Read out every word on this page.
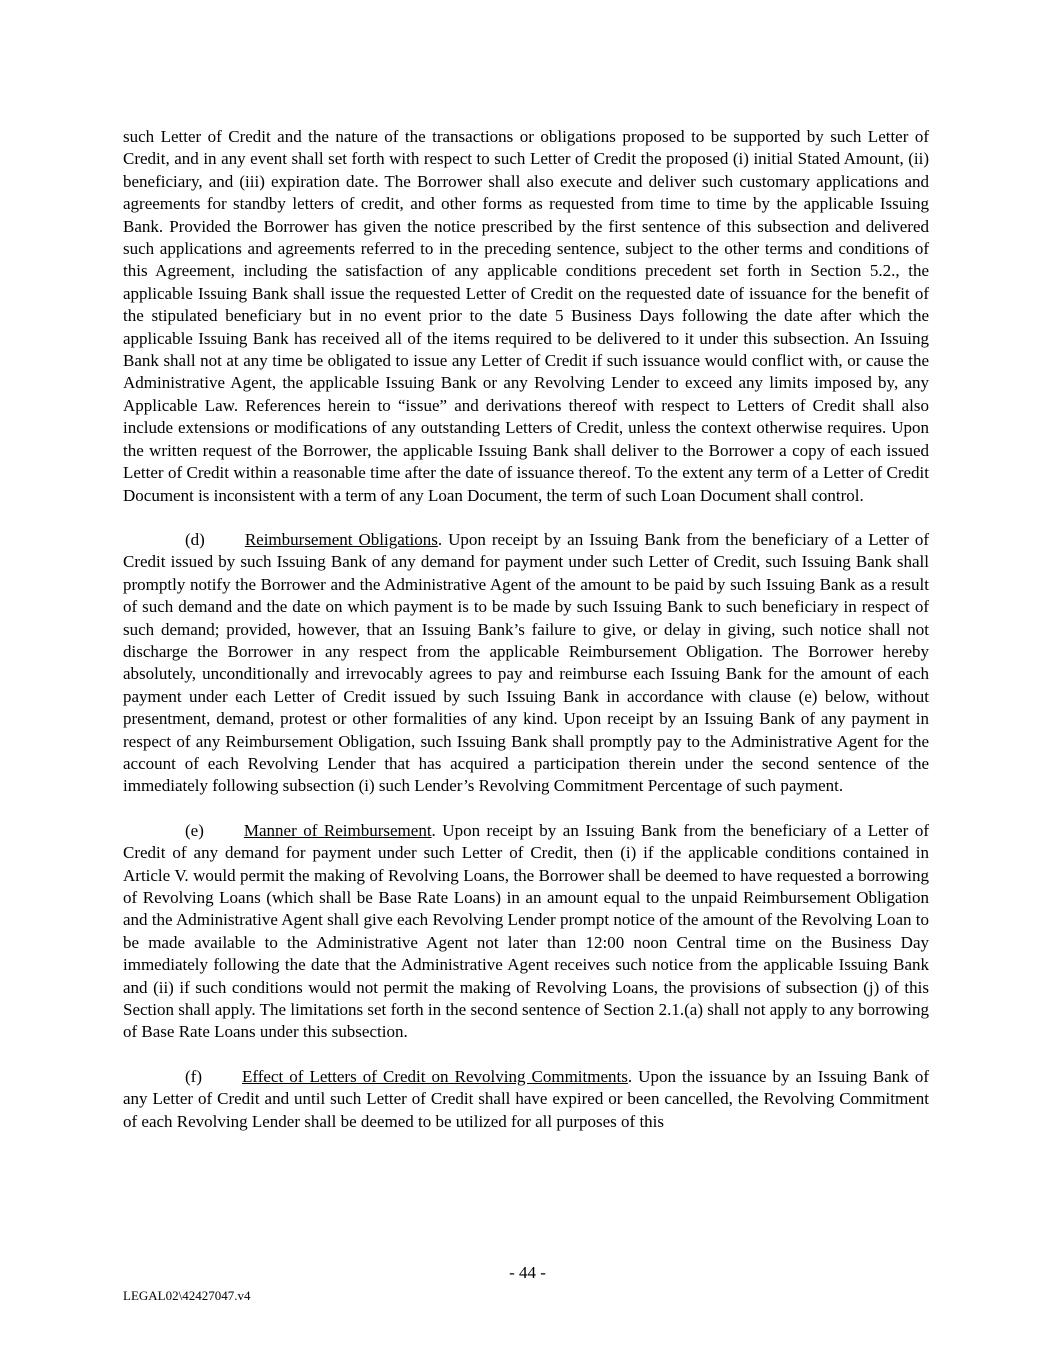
such Letter of Credit and the nature of the transactions or obligations proposed to be supported by such Letter of Credit, and in any event shall set forth with respect to such Letter of Credit the proposed (i) initial Stated Amount, (ii) beneficiary, and (iii) expiration date. The Borrower shall also execute and deliver such customary applications and agreements for standby letters of credit, and other forms as requested from time to time by the applicable Issuing Bank. Provided the Borrower has given the notice prescribed by the first sentence of this subsection and delivered such applications and agreements referred to in the preceding sentence, subject to the other terms and conditions of this Agreement, including the satisfaction of any applicable conditions precedent set forth in Section 5.2., the applicable Issuing Bank shall issue the requested Letter of Credit on the requested date of issuance for the benefit of the stipulated beneficiary but in no event prior to the date 5 Business Days following the date after which the applicable Issuing Bank has received all of the items required to be delivered to it under this subsection. An Issuing Bank shall not at any time be obligated to issue any Letter of Credit if such issuance would conflict with, or cause the Administrative Agent, the applicable Issuing Bank or any Revolving Lender to exceed any limits imposed by, any Applicable Law. References herein to “issue” and derivations thereof with respect to Letters of Credit shall also include extensions or modifications of any outstanding Letters of Credit, unless the context otherwise requires. Upon the written request of the Borrower, the applicable Issuing Bank shall deliver to the Borrower a copy of each issued Letter of Credit within a reasonable time after the date of issuance thereof. To the extent any term of a Letter of Credit Document is inconsistent with a term of any Loan Document, the term of such Loan Document shall control.

(d) Reimbursement Obligations. Upon receipt by an Issuing Bank from the beneficiary of a Letter of Credit issued by such Issuing Bank of any demand for payment under such Letter of Credit, such Issuing Bank shall promptly notify the Borrower and the Administrative Agent of the amount to be paid by such Issuing Bank as a result of such demand and the date on which payment is to be made by such Issuing Bank to such beneficiary in respect of such demand; provided, however, that an Issuing Bank’s failure to give, or delay in giving, such notice shall not discharge the Borrower in any respect from the applicable Reimbursement Obligation. The Borrower hereby absolutely, unconditionally and irrevocably agrees to pay and reimburse each Issuing Bank for the amount of each payment under each Letter of Credit issued by such Issuing Bank in accordance with clause (e) below, without presentment, demand, protest or other formalities of any kind. Upon receipt by an Issuing Bank of any payment in respect of any Reimbursement Obligation, such Issuing Bank shall promptly pay to the Administrative Agent for the account of each Revolving Lender that has acquired a participation therein under the second sentence of the immediately following subsection (i) such Lender’s Revolving Commitment Percentage of such payment.

(e) Manner of Reimbursement. Upon receipt by an Issuing Bank from the beneficiary of a Letter of Credit of any demand for payment under such Letter of Credit, then (i) if the applicable conditions contained in Article V. would permit the making of Revolving Loans, the Borrower shall be deemed to have requested a borrowing of Revolving Loans (which shall be Base Rate Loans) in an amount equal to the unpaid Reimbursement Obligation and the Administrative Agent shall give each Revolving Lender prompt notice of the amount of the Revolving Loan to be made available to the Administrative Agent not later than 12:00 noon Central time on the Business Day immediately following the date that the Administrative Agent receives such notice from the applicable Issuing Bank and (ii) if such conditions would not permit the making of Revolving Loans, the provisions of subsection (j) of this Section shall apply. The limitations set forth in the second sentence of Section 2.1.(a) shall not apply to any borrowing of Base Rate Loans under this subsection.

(f) Effect of Letters of Credit on Revolving Commitments. Upon the issuance by an Issuing Bank of any Letter of Credit and until such Letter of Credit shall have expired or been cancelled, the Revolving Commitment of each Revolving Lender shall be deemed to be utilized for all purposes of this

- 44 -
LEGAL02\42427047.v4
